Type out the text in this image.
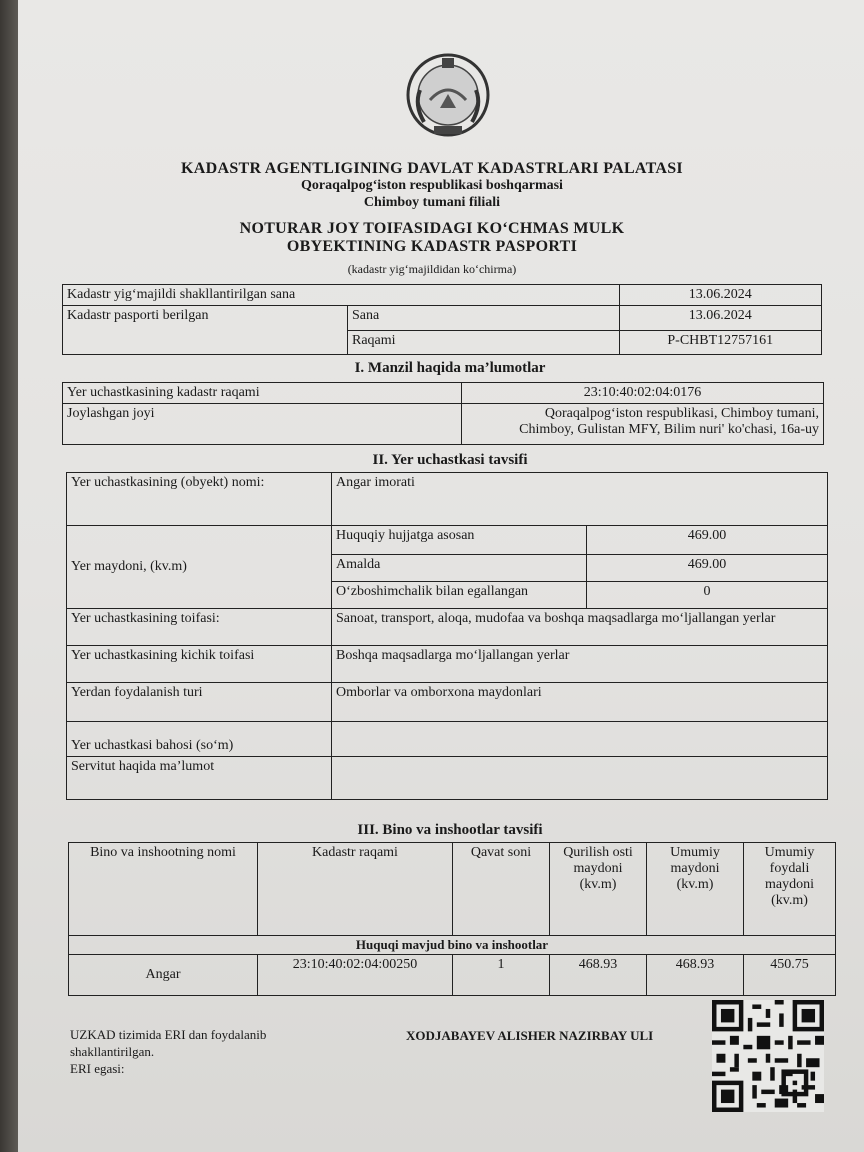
KADASTR AGENTLIGINING DAVLAT KADASTRLARI PALATASI
Qoraqalpog‘iston respublikasi boshqarmasi
Chimboy tumani filiali
NOTURAR JOY TOIFASIDAGI KO‘CHMAS MULK
OBYEKTINING KADASTR PASPORTI
(kadastr yig‘majildidan ko‘chirma)
Kadastr yig‘majildi shakllantirilgan sana		13.06.2024
Kadastr pasporti berilgan	Sana	13.06.2024
	Raqami	P-CHBT12757161
I. Manzil haqida ma’lumotlar
Yer uchastkasining kadastr raqami	23:10:40:02:04:0176
Joylashgan joyi	Qoraqalpog‘iston respublikasi, Chimboy tumani,
Chimboy, Gulistan MFY, Bilim nuri' ko'chasi, 16a-uy
II. Yer uchastkasi tavsifi
Yer uchastkasining (obyekt) nomi:	Angar imorati	
Yer maydoni, (kv.m)	Huquqiy hujjatga asosan	469.00
	Amalda	469.00
	O‘zboshimchalik bilan egallangan	0
Yer uchastkasining toifasi:	Sanoat, transport, aloqa, mudofaa va boshqa maqsadlarga mo‘ljallangan yerlar	
Yer uchastkasining kichik toifasi	Boshqa maqsadlarga mo‘ljallangan yerlar	
Yerdan foydalanish turi	Omborlar va omborxona maydonlari	
Yer uchastkasi bahosi (so‘m)		
Servitut haqida ma’lumot		
III. Bino va inshootlar tavsifi
Bino va inshootning nomi	Kadastr raqami	Qavat soni	Qurilish osti maydoni (kv.m)	Umumiy maydoni (kv.m)	Umumiy foydali maydoni (kv.m)
Huquqi mavjud bino va inshootlar					
Angar	23:10:40:02:04:00250	1	468.93	468.93	450.75
UZKAD tizimida ERI dan foydalanib
shakllantirilgan.
ERI egasi:
XODJABAYEV ALISHER NAZIRBAY ULI
